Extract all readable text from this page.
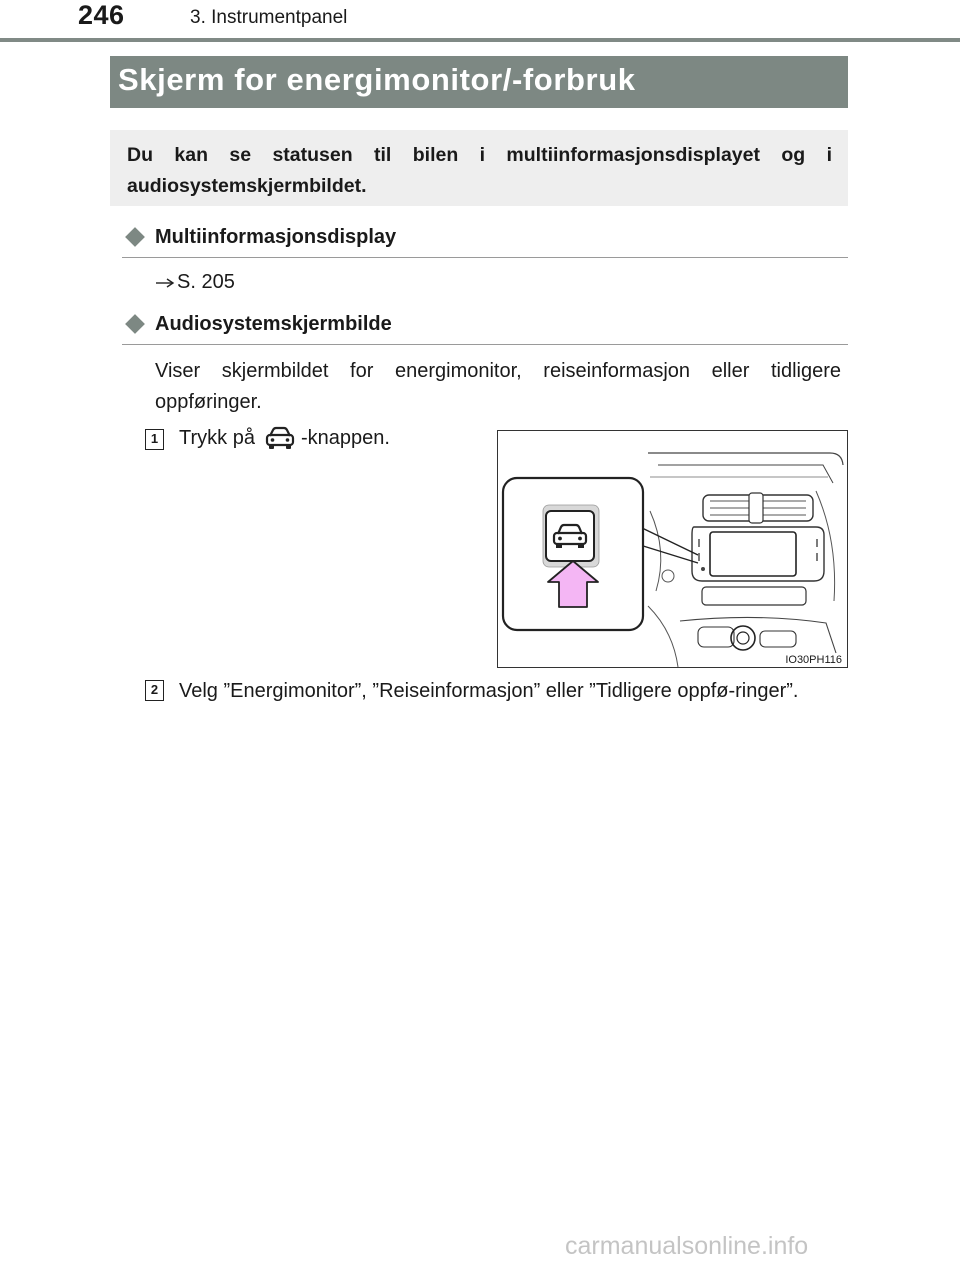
246	3. Instrumentpanel
Skjerm for energimonitor/-forbruk

Du kan se statusen til bilen i multiinformasjonsdisplayet og i audiosystemskjermbildet.

Multiinformasjonsdisplay
S. 205
Audiosystemskjermbilde

Viser skjermbildet for energimonitor, reiseinformasjon eller tidligere oppføringer.

1 Trykk på -knappen.
IO30PH116
2 Velg ”Energimonitor”, ”Reiseinformasjon” eller ”Tidligere oppfø-ringer”.

carmanualsonline.info
